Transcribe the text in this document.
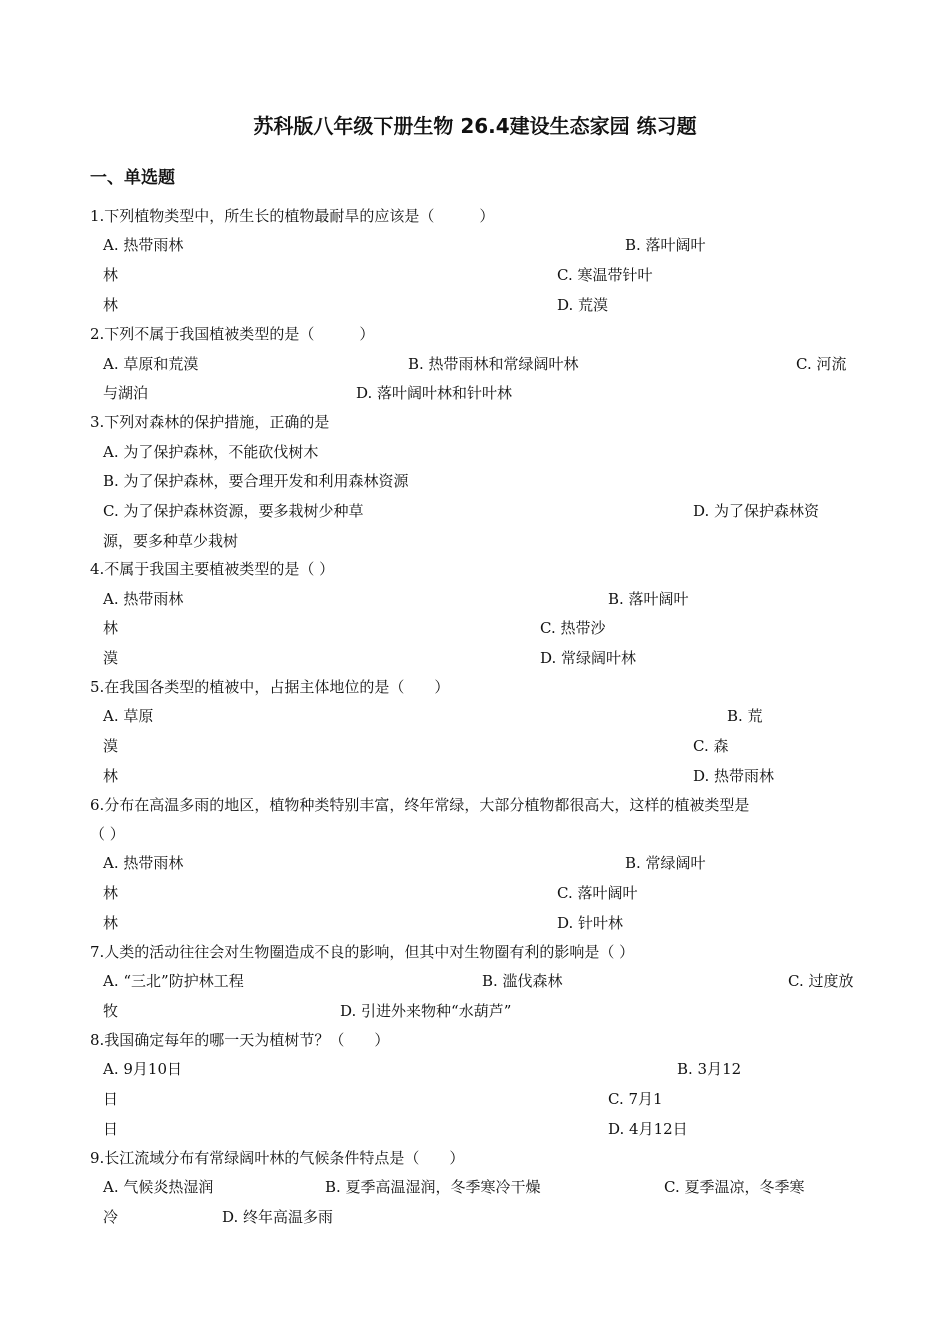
苏科版八年级下册生物 26.4建设生态家园 练习题
一、单选题
1.下列植物类型中，所生长的植物最耐旱的应该是（　　　）
A. 热带雨林	B. 落叶阔叶
林	C. 寒温带针叶
林	D. 荒漠
2.下列不属于我国植被类型的是（　　　）
A. 草原和荒漠	B. 热带雨林和常绿阔叶林	C. 河流
与湖泊	D. 落叶阔叶林和针叶林
3.下列对森林的保护措施，正确的是
A. 为了保护森林，不能砍伐树木
B. 为了保护森林，要合理开发和利用森林资源
C. 为了保护森林资源，要多栽树少种草	D. 为了保护森林资
源，要多种草少栽树
4.不属于我国主要植被类型的是（ ）
A. 热带雨林	B. 落叶阔叶
林	C. 热带沙
漠	D. 常绿阔叶林
5.在我国各类型的植被中，占据主体地位的是（　　）
A. 草原	B. 荒
漠	C. 森
林	D. 热带雨林
6.分布在高温多雨的地区，植物种类特别丰富，终年常绿，大部分植物都很高大，这样的植被类型是
（ ）
A. 热带雨林	B. 常绿阔叶
林	C. 落叶阔叶
林	D. 针叶林
7.人类的活动往往会对生物圈造成不良的影响，但其中对生物圈有利的影响是（ ）
A. “三北”防护林工程	B. 滥伐森林	C. 过度放
牧	D. 引进外来物种“水葫芦”
8.我国确定每年的哪一天为植树节？（　　）
A. 9月10日	B. 3月12
日	C. 7月1
日	D. 4月12日
9.长江流域分布有常绿阔叶林的气候条件特点是（　　）
A. 气候炎热湿润	B. 夏季高温湿润，冬季寒冷干燥	C. 夏季温凉，冬季寒
冷	D. 终年高温多雨
